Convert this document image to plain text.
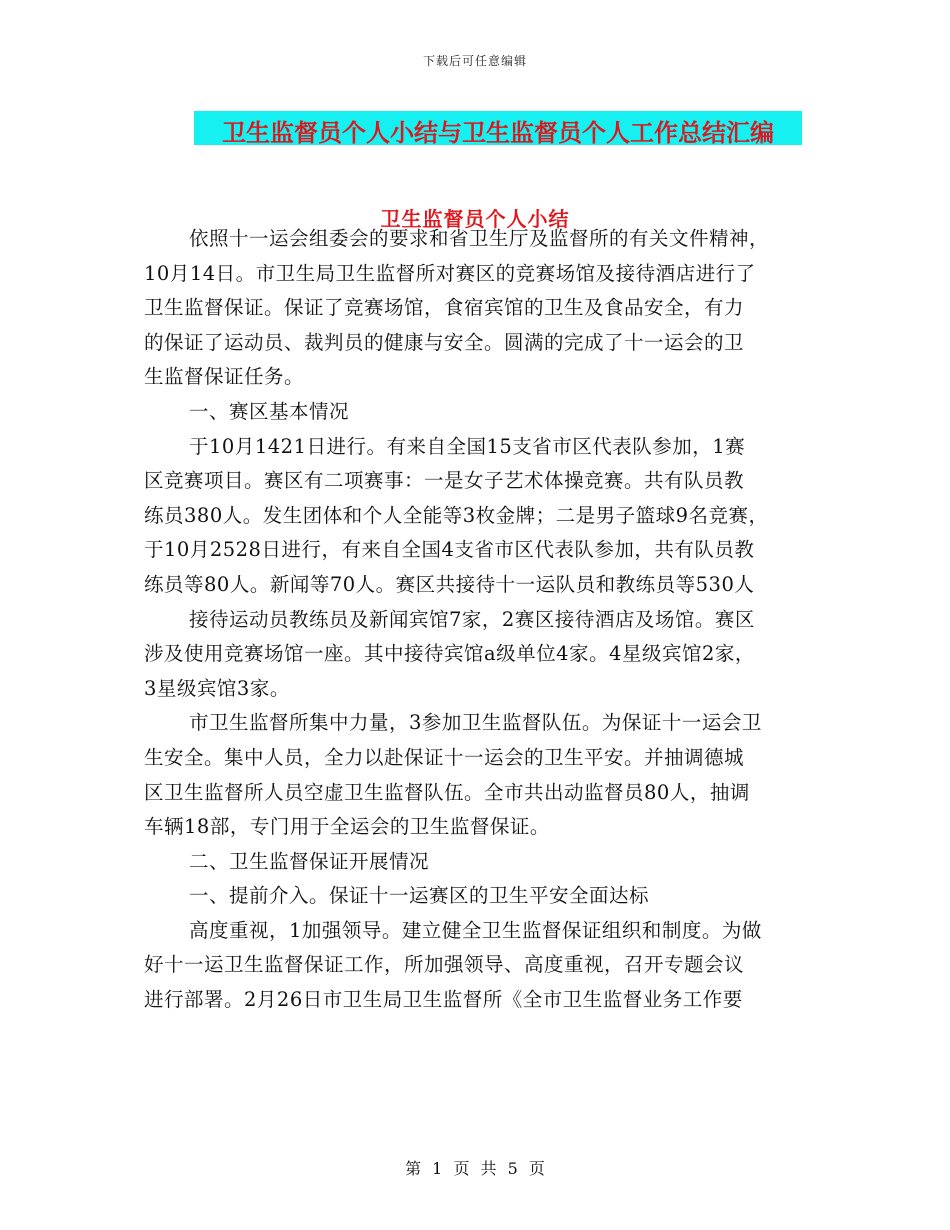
下载后可任意编辑
卫生监督员个人小结与卫生监督员个人工作总结汇编
卫生监督员个人小结
依照十一运会组委会的要求和省卫生厅及监督所的有关文件精神，
10月14日。市卫生局卫生监督所对赛区的竞赛场馆及接待酒店进行了
卫生监督保证。保证了竞赛场馆，食宿宾馆的卫生及食品安全，有力
的保证了运动员、裁判员的健康与安全。圆满的完成了十一运会的卫
生监督保证任务。
一、赛区基本情况
于10月1421日进行。有来自全国15支省市区代表队参加，1赛
区竞赛项目。赛区有二项赛事：一是女子艺术体操竞赛。共有队员教
练员380人。发生团体和个人全能等3枚金牌；二是男子篮球9名竞赛，
于10月2528日进行，有来自全国4支省市区代表队参加，共有队员教
练员等80人。新闻等70人。赛区共接待十一运队员和教练员等530人
接待运动员教练员及新闻宾馆7家，2赛区接待酒店及场馆。赛区
涉及使用竞赛场馆一座。其中接待宾馆a级单位4家。4星级宾馆2家，
3星级宾馆3家。
市卫生监督所集中力量，3参加卫生监督队伍。为保证十一运会卫
生安全。集中人员，全力以赴保证十一运会的卫生平安。并抽调德城
区卫生监督所人员空虚卫生监督队伍。全市共出动监督员80人，抽调
车辆18部，专门用于全运会的卫生监督保证。
二、卫生监督保证开展情况
一、提前介入。保证十一运赛区的卫生平安全面达标
高度重视，1加强领导。建立健全卫生监督保证组织和制度。为做
好十一运卫生监督保证工作，所加强领导、高度重视，召开专题会议
进行部署。2月26日市卫生局卫生监督所《全市卫生监督业务工作要
第 1 页 共 5 页
